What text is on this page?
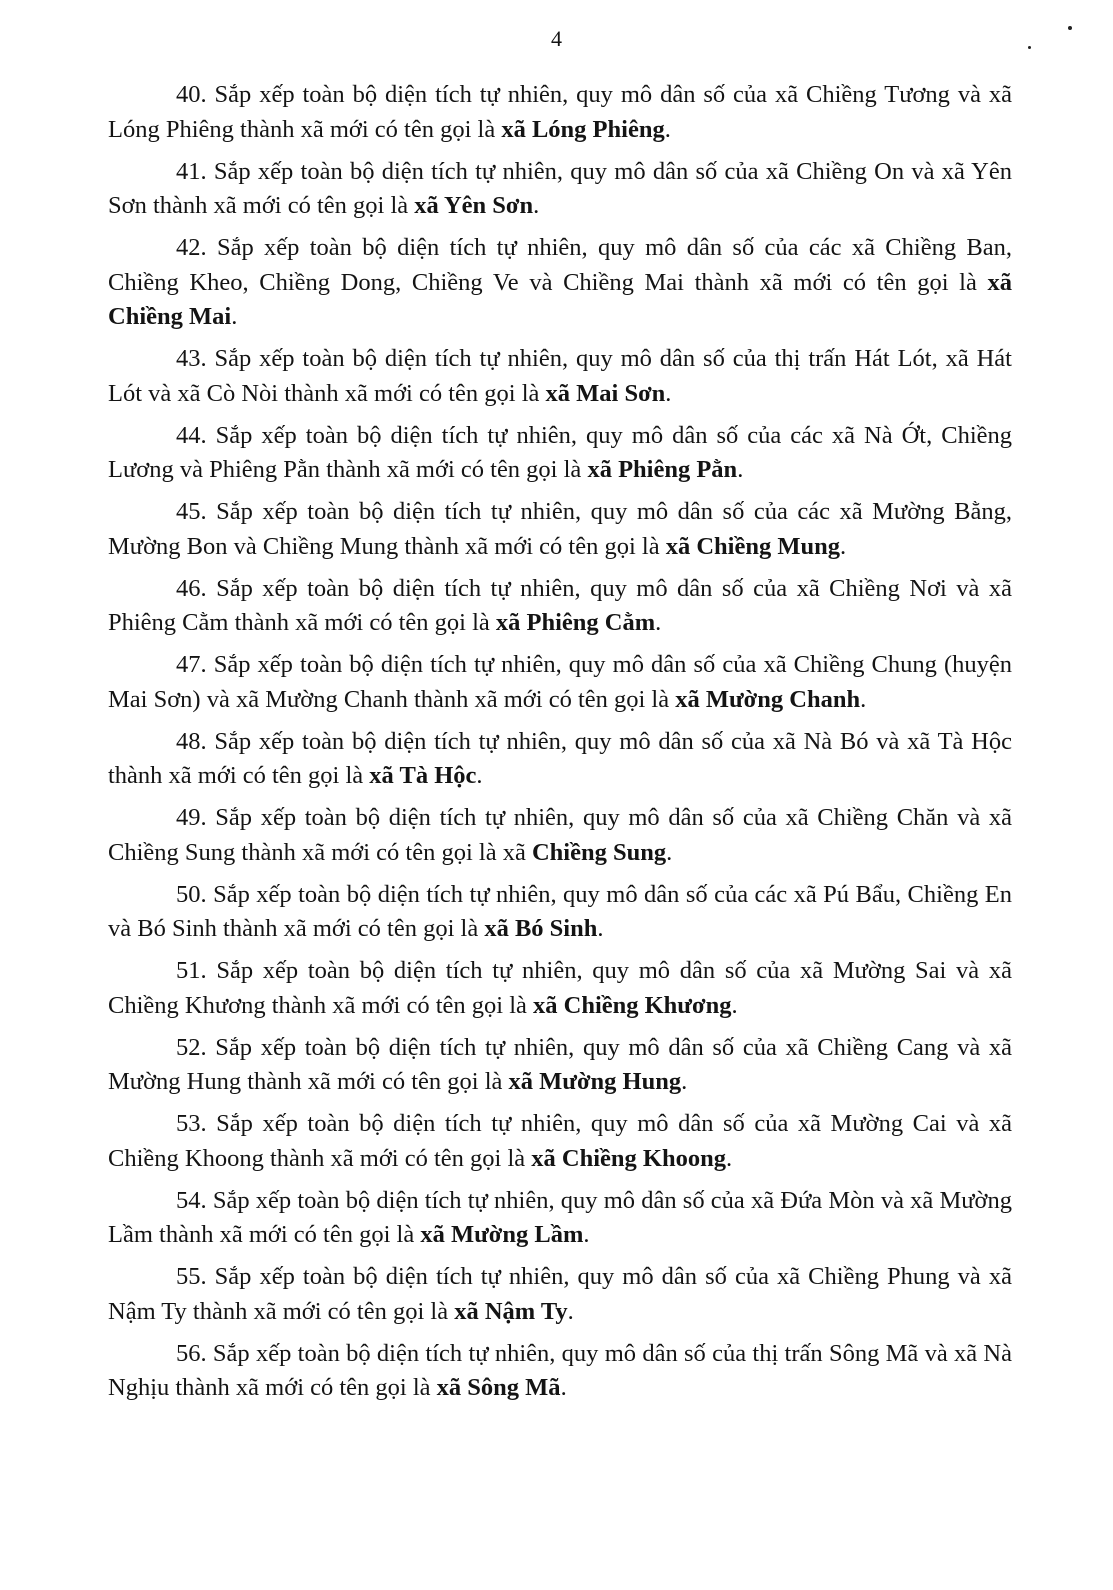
4

40. Sắp xếp toàn bộ diện tích tự nhiên, quy mô dân số của xã Chiềng Tương và xã Lóng Phiêng thành xã mới có tên gọi là xã Lóng Phiêng.

41. Sắp xếp toàn bộ diện tích tự nhiên, quy mô dân số của xã Chiềng On và xã Yên Sơn thành xã mới có tên gọi là xã Yên Sơn.

42. Sắp xếp toàn bộ diện tích tự nhiên, quy mô dân số của các xã Chiềng Ban, Chiềng Kheo, Chiềng Dong, Chiềng Ve và Chiềng Mai thành xã mới có tên gọi là xã Chiềng Mai.

43. Sắp xếp toàn bộ diện tích tự nhiên, quy mô dân số của thị trấn Hát Lót, xã Hát Lót và xã Cò Nòi thành xã mới có tên gọi là xã Mai Sơn.

44. Sắp xếp toàn bộ diện tích tự nhiên, quy mô dân số của các xã Nà Ớt, Chiềng Lương và Phiêng Pằn thành xã mới có tên gọi là xã Phiêng Pằn.

45. Sắp xếp toàn bộ diện tích tự nhiên, quy mô dân số của các xã Mường Bằng, Mường Bon và Chiềng Mung thành xã mới có tên gọi là xã Chiềng Mung.

46. Sắp xếp toàn bộ diện tích tự nhiên, quy mô dân số của xã Chiềng Nơi và xã Phiêng Cằm thành xã mới có tên gọi là xã Phiêng Cằm.

47. Sắp xếp toàn bộ diện tích tự nhiên, quy mô dân số của xã Chiềng Chung (huyện Mai Sơn) và xã Mường Chanh thành xã mới có tên gọi là xã Mường Chanh.

48. Sắp xếp toàn bộ diện tích tự nhiên, quy mô dân số của xã Nà Bó và xã Tà Hộc thành xã mới có tên gọi là xã Tà Hộc.

49. Sắp xếp toàn bộ diện tích tự nhiên, quy mô dân số của xã Chiềng Chăn và xã Chiềng Sung thành xã mới có tên gọi là xã Chiềng Sung.

50. Sắp xếp toàn bộ diện tích tự nhiên, quy mô dân số của các xã Pú Bẩu, Chiềng En và Bó Sinh thành xã mới có tên gọi là xã Bó Sinh.

51. Sắp xếp toàn bộ diện tích tự nhiên, quy mô dân số của xã Mường Sai và xã Chiềng Khương thành xã mới có tên gọi là xã Chiềng Khương.

52. Sắp xếp toàn bộ diện tích tự nhiên, quy mô dân số của xã Chiềng Cang và xã Mường Hung thành xã mới có tên gọi là xã Mường Hung.

53. Sắp xếp toàn bộ diện tích tự nhiên, quy mô dân số của xã Mường Cai và xã Chiềng Khoong thành xã mới có tên gọi là xã Chiềng Khoong.

54. Sắp xếp toàn bộ diện tích tự nhiên, quy mô dân số của xã Đứa Mòn và xã Mường Lầm thành xã mới có tên gọi là xã Mường Lầm.

55. Sắp xếp toàn bộ diện tích tự nhiên, quy mô dân số của xã Chiềng Phung và xã Nậm Ty thành xã mới có tên gọi là xã Nậm Ty.

56. Sắp xếp toàn bộ diện tích tự nhiên, quy mô dân số của thị trấn Sông Mã và xã Nà Nghịu thành xã mới có tên gọi là xã Sông Mã.
